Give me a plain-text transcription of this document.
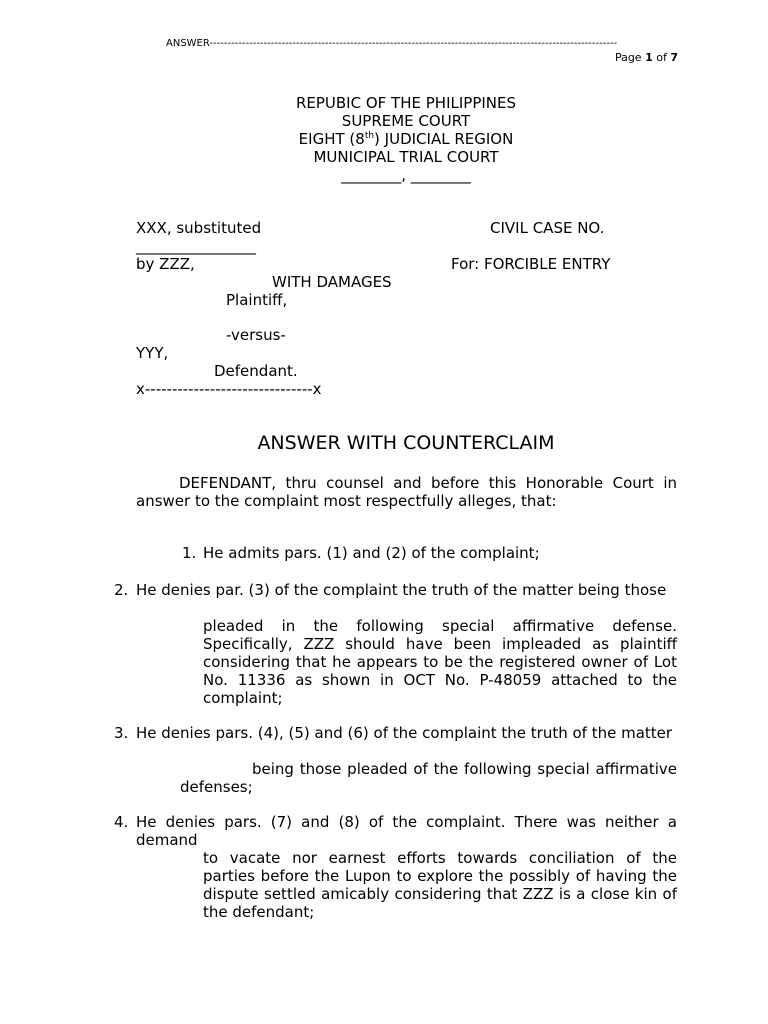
ANSWER-----------------------------------------------------------------------------------------------------------------
Page 1 of 7
REPUBIC OF THE PHILIPPINES
SUPREME COURT
EIGHT (8th) JUDICIAL REGION
MUNICIPAL TRIAL COURT
________, ________
XXX, substituted	CIVIL CASE NO.
________________
by ZZZ,	For: FORCIBLE ENTRY
WITH DAMAGES
Plaintiff,
-versus-
YYY,
Defendant.
x-------------------------------x
ANSWER WITH COUNTERCLAIM
DEFENDANT, thru counsel and before this Honorable Court in answer to the complaint most respectfully alleges, that:
1. He admits pars. (1) and (2) of the complaint;
2. He denies par. (3) of the complaint the truth of the matter being those
pleaded in the following special affirmative defense. Specifically, ZZZ should have been impleaded as plaintiff considering that he appears to be the registered owner of Lot No. 11336 as shown in OCT No. P-48059 attached to the complaint;
3. He denies pars. (4), (5) and (6) of the complaint the truth of the matter
being those pleaded of the following special affirmative defenses;
4. He denies pars. (7) and (8) of the complaint. There was neither a demand
to vacate nor earnest efforts towards conciliation of the parties before the Lupon to explore the possibly of having the dispute settled amicably considering that ZZZ is a close kin of the defendant;
